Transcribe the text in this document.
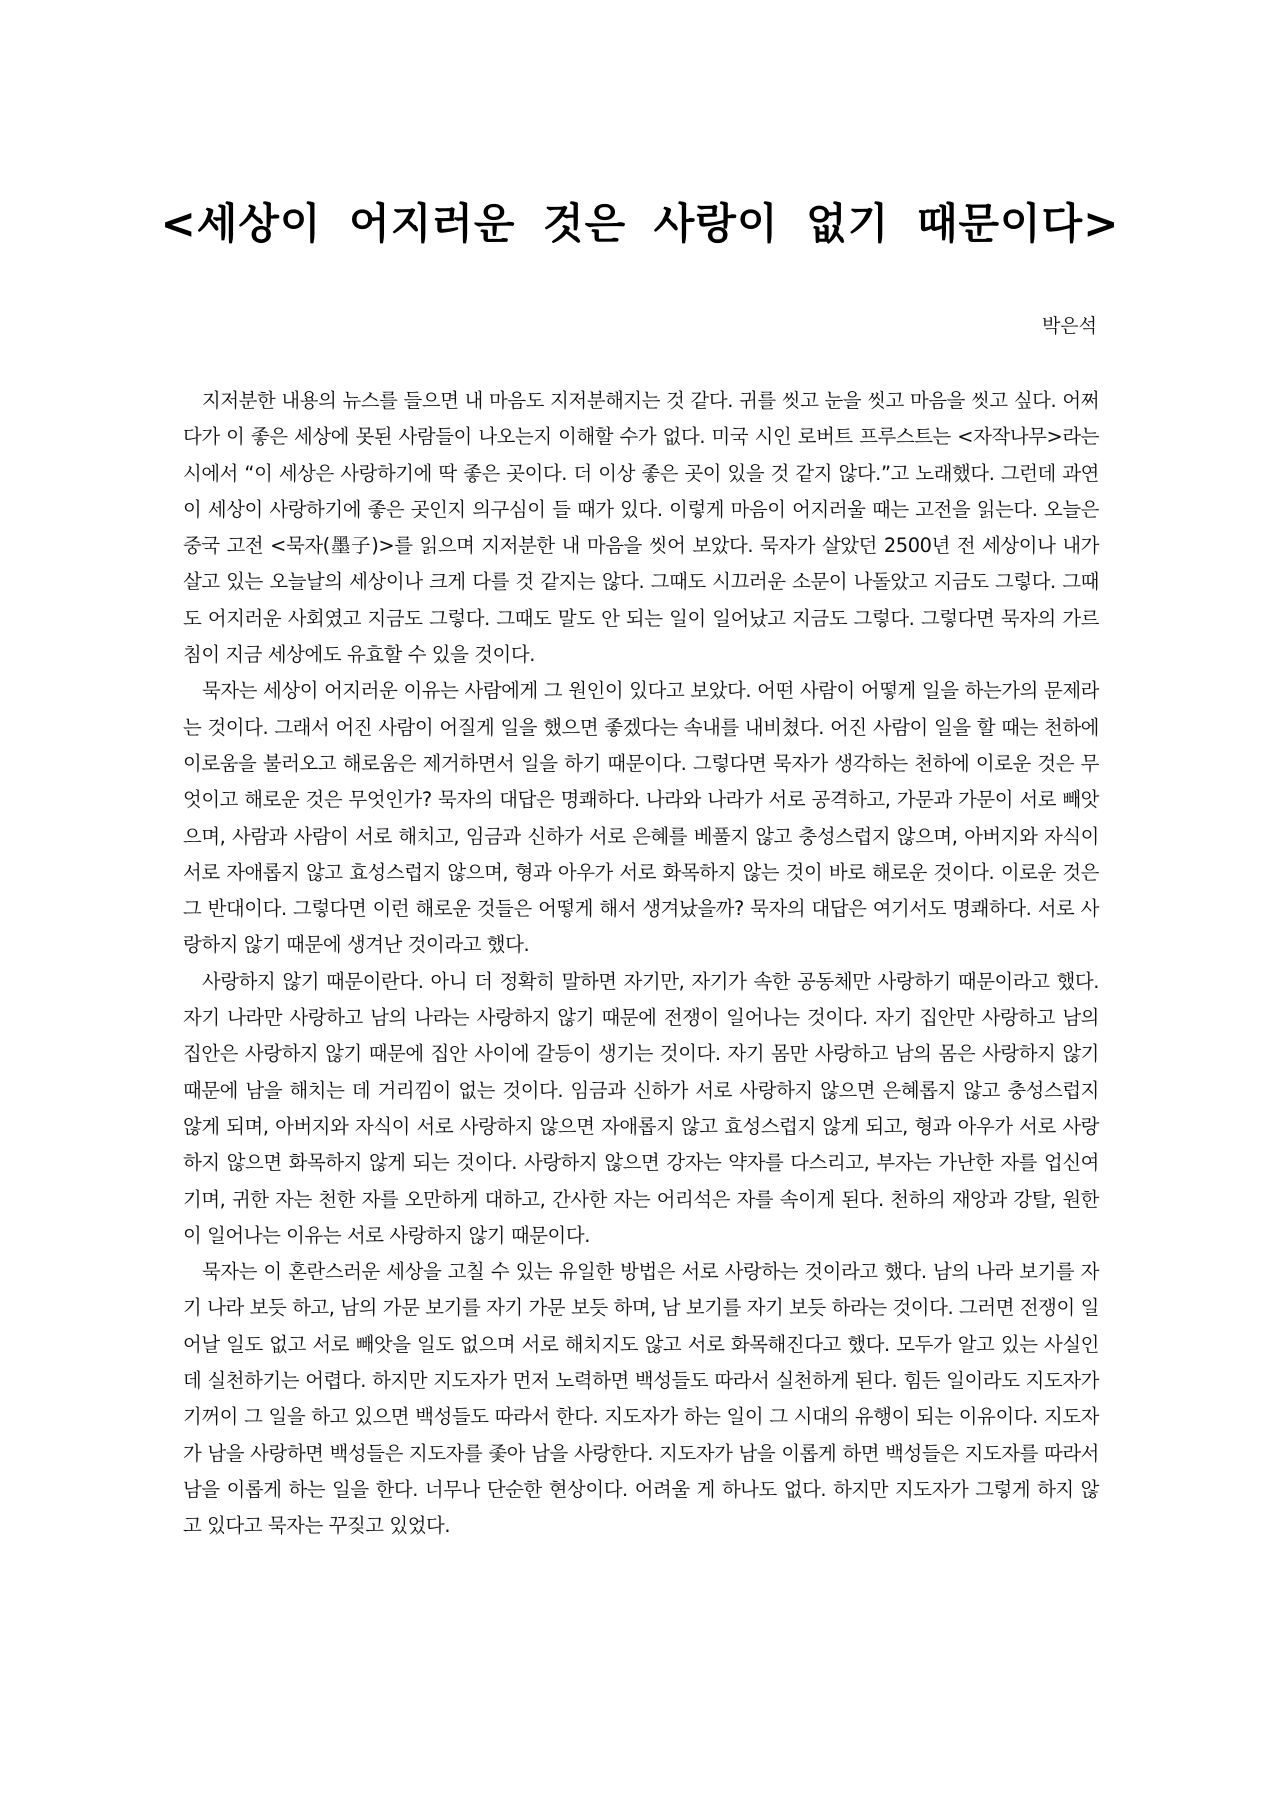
<세상이 어지러운 것은 사랑이 없기 때문이다>
박은석

지저분한 내용의 뉴스를 들으면 내 마음도 지저분해지는 것 같다. 귀를 씻고 눈을 씻고 마음을 씻고 싶다. 어쩌다가 이 좋은 세상에 못된 사람들이 나오는지 이해할 수가 없다. 미국 시인 로버트 프루스트는 <자작나무>라는 시에서 “이 세상은 사랑하기에 딱 좋은 곳이다. 더 이상 좋은 곳이 있을 것 같지 않다.”고 노래했다. 그런데 과연 이 세상이 사랑하기에 좋은 곳인지 의구심이 들 때가 있다. 이렇게 마음이 어지러울 때는 고전을 읽는다. 오늘은 중국 고전 <묵자(墨子)>를 읽으며 지저분한 내 마음을 씻어 보았다. 묵자가 살았던 2500년 전 세상이나 내가 살고 있는 오늘날의 세상이나 크게 다를 것 같지는 않다. 그때도 시끄러운 소문이 나돌았고 지금도 그렇다. 그때도 어지러운 사회였고 지금도 그렇다. 그때도 말도 안 되는 일이 일어났고 지금도 그렇다. 그렇다면 묵자의 가르침이 지금 세상에도 유효할 수 있을 것이다.

묵자는 세상이 어지러운 이유는 사람에게 그 원인이 있다고 보았다. 어떤 사람이 어떻게 일을 하는가의 문제라는 것이다. 그래서 어진 사람이 어질게 일을 했으면 좋겠다는 속내를 내비쳤다. 어진 사람이 일을 할 때는 천하에 이로움을 불러오고 해로움은 제거하면서 일을 하기 때문이다. 그렇다면 묵자가 생각하는 천하에 이로운 것은 무엇이고 해로운 것은 무엇인가? 묵자의 대답은 명쾌하다. 나라와 나라가 서로 공격하고, 가문과 가문이 서로 빼앗으며, 사람과 사람이 서로 해치고, 임금과 신하가 서로 은혜를 베풀지 않고 충성스럽지 않으며, 아버지와 자식이 서로 자애롭지 않고 효성스럽지 않으며, 형과 아우가 서로 화목하지 않는 것이 바로 해로운 것이다. 이로운 것은 그 반대이다. 그렇다면 이런 해로운 것들은 어떻게 해서 생겨났을까? 묵자의 대답은 여기서도 명쾌하다. 서로 사랑하지 않기 때문에 생겨난 것이라고 했다.

사랑하지 않기 때문이란다. 아니 더 정확히 말하면 자기만, 자기가 속한 공동체만 사랑하기 때문이라고 했다. 자기 나라만 사랑하고 남의 나라는 사랑하지 않기 때문에 전쟁이 일어나는 것이다. 자기 집안만 사랑하고 남의 집안은 사랑하지 않기 때문에 집안 사이에 갈등이 생기는 것이다. 자기 몸만 사랑하고 남의 몸은 사랑하지 않기 때문에 남을 해치는 데 거리낌이 없는 것이다. 임금과 신하가 서로 사랑하지 않으면 은혜롭지 않고 충성스럽지 않게 되며, 아버지와 자식이 서로 사랑하지 않으면 자애롭지 않고 효성스럽지 않게 되고, 형과 아우가 서로 사랑하지 않으면 화목하지 않게 되는 것이다. 사랑하지 않으면 강자는 약자를 다스리고, 부자는 가난한 자를 업신여기며, 귀한 자는 천한 자를 오만하게 대하고, 간사한 자는 어리석은 자를 속이게 된다. 천하의 재앙과 강탈, 원한이 일어나는 이유는 서로 사랑하지 않기 때문이다.

묵자는 이 혼란스러운 세상을 고칠 수 있는 유일한 방법은 서로 사랑하는 것이라고 했다. 남의 나라 보기를 자기 나라 보듯 하고, 남의 가문 보기를 자기 가문 보듯 하며, 남 보기를 자기 보듯 하라는 것이다. 그러면 전쟁이 일어날 일도 없고 서로 빼앗을 일도 없으며 서로 해치지도 않고 서로 화목해진다고 했다. 모두가 알고 있는 사실인데 실천하기는 어렵다. 하지만 지도자가 먼저 노력하면 백성들도 따라서 실천하게 된다. 힘든 일이라도 지도자가 기꺼이 그 일을 하고 있으면 백성들도 따라서 한다. 지도자가 하는 일이 그 시대의 유행이 되는 이유이다. 지도자가 남을 사랑하면 백성들은 지도자를 좇아 남을 사랑한다. 지도자가 남을 이롭게 하면 백성들은 지도자를 따라서 남을 이롭게 하는 일을 한다. 너무나 단순한 현상이다. 어려울 게 하나도 없다. 하지만 지도자가 그렇게 하지 않고 있다고 묵자는 꾸짖고 있었다.
